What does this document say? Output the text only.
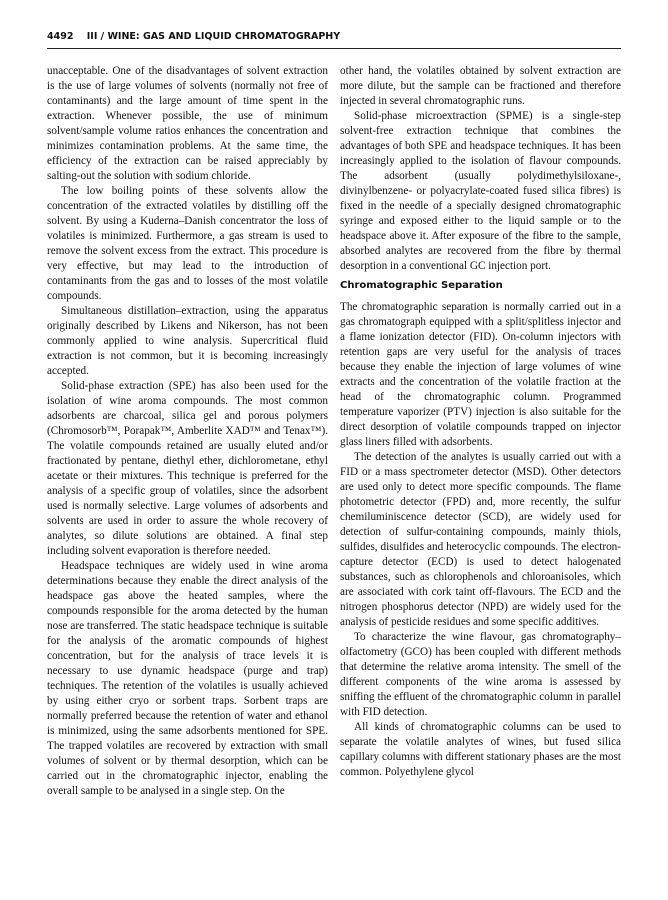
4492 III / WINE: GAS AND LIQUID CHROMATOGRAPHY

unacceptable. One of the disadvantages of solvent extraction is the use of large volumes of solvents (normally not free of contaminants) and the large amount of time spent in the extraction. Whenever possible, the use of minimum solvent/sample volume ratios enhances the concentration and minimizes contamination problems. At the same time, the efficiency of the extraction can be raised appreciably by salting-out the solution with sodium chloride.

The low boiling points of these solvents allow the concentration of the extracted volatiles by distilling off the solvent. By using a Kuderna–Danish concentrator the loss of volatiles is minimized. Furthermore, a gas stream is used to remove the solvent excess from the extract. This procedure is very effective, but may lead to the introduction of contaminants from the gas and to losses of the most volatile compounds.

Simultaneous distillation–extraction, using the apparatus originally described by Likens and Nikerson, has not been commonly applied to wine analysis. Supercritical fluid extraction is not common, but it is becoming increasingly accepted.

Solid-phase extraction (SPE) has also been used for the isolation of wine aroma compounds. The most common adsorbents are charcoal, silica gel and porous polymers (Chromosorb™, Porapak™, Amberlite XAD™ and Tenax™). The volatile compounds retained are usually eluted and/or fractionated by pentane, diethyl ether, dichlorometane, ethyl acetate or their mixtures. This technique is preferred for the analysis of a specific group of volatiles, since the adsorbent used is normally selective. Large volumes of adsorbents and solvents are used in order to assure the whole recovery of analytes, so dilute solutions are obtained. A final step including solvent evaporation is therefore needed.

Headspace techniques are widely used in wine aroma determinations because they enable the direct analysis of the headspace gas above the heated samples, where the compounds responsible for the aroma detected by the human nose are transferred. The static headspace technique is suitable for the analysis of the aromatic compounds of highest concentration, but for the analysis of trace levels it is necessary to use dynamic headspace (purge and trap) techniques. The retention of the volatiles is usually achieved by using either cryo or sorbent traps. Sorbent traps are normally preferred because the retention of water and ethanol is minimized, using the same adsorbents mentioned for SPE. The trapped volatiles are recovered by extraction with small volumes of solvent or by thermal desorption, which can be carried out in the chromatographic injector, enabling the overall sample to be analysed in a single step. On the

other hand, the volatiles obtained by solvent extraction are more dilute, but the sample can be fractioned and therefore injected in several chromatographic runs.

Solid-phase microextraction (SPME) is a single-step solvent-free extraction technique that combines the advantages of both SPE and headspace techniques. It has been increasingly applied to the isolation of flavour compounds. The adsorbent (usually polydimethylsiloxane-, divinylbenzene- or polyacrylate-coated fused silica fibres) is fixed in the needle of a specially designed chromatographic syringe and exposed either to the liquid sample or to the headspace above it. After exposure of the fibre to the sample, absorbed analytes are recovered from the fibre by thermal desorption in a conventional GC injection port.

Chromatographic Separation

The chromatographic separation is normally carried out in a gas chromatograph equipped with a split/splitless injector and a flame ionization detector (FID). On-column injectors with retention gaps are very useful for the analysis of traces because they enable the injection of large volumes of wine extracts and the concentration of the volatile fraction at the head of the chromatographic column. Programmed temperature vaporizer (PTV) injection is also suitable for the direct desorption of volatile compounds trapped on injector glass liners filled with adsorbents.

The detection of the analytes is usually carried out with a FID or a mass spectrometer detector (MSD). Other detectors are used only to detect more specific compounds. The flame photometric detector (FPD) and, more recently, the sulfur chemiluminiscence detector (SCD), are widely used for detection of sulfur-containing compounds, mainly thiols, sulfides, disulfides and heterocyclic compounds. The electron-capture detector (ECD) is used to detect halogenated substances, such as chlorophenols and chloroanisoles, which are associated with cork taint off-flavours. The ECD and the nitrogen phosphorus detector (NPD) are widely used for the analysis of pesticide residues and some specific additives.

To characterize the wine flavour, gas chromatography–olfactometry (GCO) has been coupled with different methods that determine the relative aroma intensity. The smell of the different components of the wine aroma is assessed by sniffing the effluent of the chromatographic column in parallel with FID detection.

All kinds of chromatographic columns can be used to separate the volatile analytes of wines, but fused silica capillary columns with different stationary phases are the most common. Polyethylene glycol
